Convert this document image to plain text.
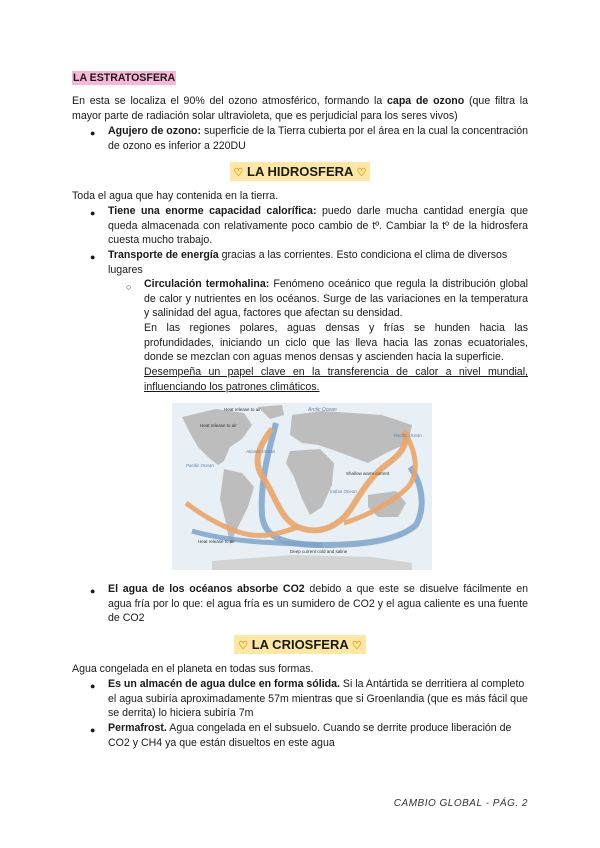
LA ESTRATOSFERA
En esta se localiza el 90% del ozono atmosférico, formando la capa de ozono (que filtra la mayor parte de radiación solar ultravioleta, que es perjudicial para los seres vivos)
● Agujero de ozono: superficie de la Tierra cubierta por el área en la cual la concentración de ozono es inferior a 220DU
♡ LA HIDROSFERA ♡
Toda el agua que hay contenida en la tierra.
● Tiene una enorme capacidad calorífica: puedo darle mucha cantidad energía que queda almacenada con relativamente poco cambio de tº. Cambiar la tº de la hidrosfera cuesta mucho trabajo.
● Transporte de energía gracias a las corrientes. Esto condiciona el clima de diversos lugares
○ Circulación termohalina: Fenómeno oceánico que regula la distribución global de calor y nutrientes en los océanos. Surge de las variaciones en la temperatura y salinidad del agua, factores que afectan su densidad.
En las regiones polares, aguas densas y frías se hunden hacia las profundidades, iniciando un ciclo que las lleva hacia las zonas ecuatoriales, donde se mezclan con aguas menos densas y ascienden hacia la superficie.
Desempeña un papel clave en la transferencia de calor a nivel mundial, influenciando los patrones climáticos.
Arctic Ocean
Heat release to air
Heat release to air
Atlantic Ocean
Pacific Ocean
Pacific Ocean
Indian Ocean
Shallow warm current
Heat release to air
Deep current cold and saline
● El agua de los océanos absorbe CO2 debido a que este se disuelve fácilmente en agua fría por lo que: el agua fría es un sumidero de CO2 y el agua caliente es una fuente de CO2
♡ LA CRIOSFERA ♡
Agua congelada en el planeta en todas sus formas.
● Es un almacén de agua dulce en forma sólida. Si la Antártida se derritiera al completo el agua subiría aproximadamente 57m mientras que si Groenlandia (que es más fácil que se derrita) lo hiciera subiría 7m
● Permafrost. Agua congelada en el subsuelo. Cuando se derrite produce liberación de CO2 y CH4 ya que están disueltos en este agua
CAMBIO GLOBAL - PÁG. 2
